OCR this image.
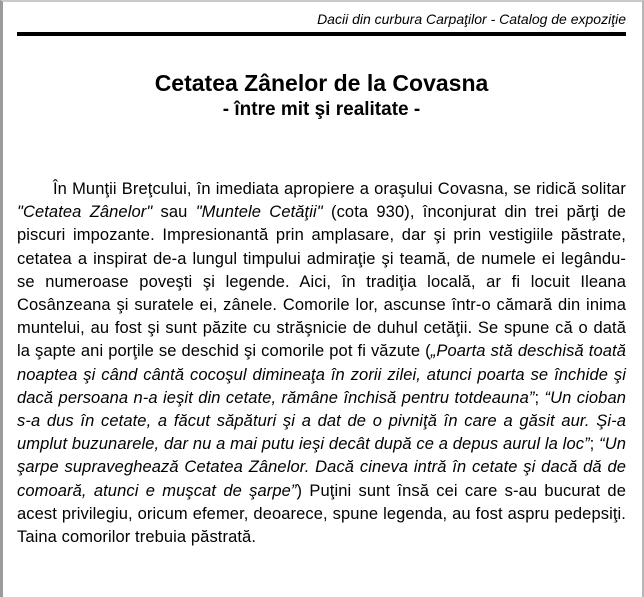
Dacii din curbura Carpaţilor - Catalog de expoziţie
Cetatea Zânelor de la Covasna
- între mit şi realitate -
În Munţii Breţcului, în imediata apropiere a oraşului Covasna, se ridică solitar "Cetatea Zânelor" sau "Muntele Cetăţii" (cota 930), înconjurat din trei părţi de piscuri impozante. Impresionantă prin amplasare, dar şi prin vestigiile păstrate, cetatea a inspirat de-a lungul timpului admiraţie şi teamă, de numele ei legându-se numeroase poveşti şi legende. Aici, în tradiţia locală, ar fi locuit Ileana Cosânzeana şi suratele ei, zânele. Comorile lor, ascunse într-o cămară din inima muntelui, au fost şi sunt păzite cu străşnicie de duhul cetăţii. Se spune că o dată la şapte ani porţile se deschid şi comorile pot fi văzute („Poarta stă deschisă toată noaptea şi când cântă cocoşul dimineaţa în zorii zilei, atunci poarta se închide şi dacă persoana n-a ieşit din cetate, rămâne închisă pentru totdeauna”; “Un cioban s-a dus în cetate, a făcut săpături şi a dat de o pivniţă în care a găsit aur. Şi-a umplut buzunarele, dar nu a mai putu ieşi decât după ce a depus aurul la loc”; “Un şarpe supraveghează Cetatea Zânelor. Dacă cineva intră în cetate şi dacă dă de comoară, atunci e muşcat de şarpe”) Puţini sunt însă cei care s-au bucurat de acest privilegiu, oricum efemer, deoarece, spune legenda, au fost aspru pedepsiţi. Taina comorilor trebuia păstrată.
